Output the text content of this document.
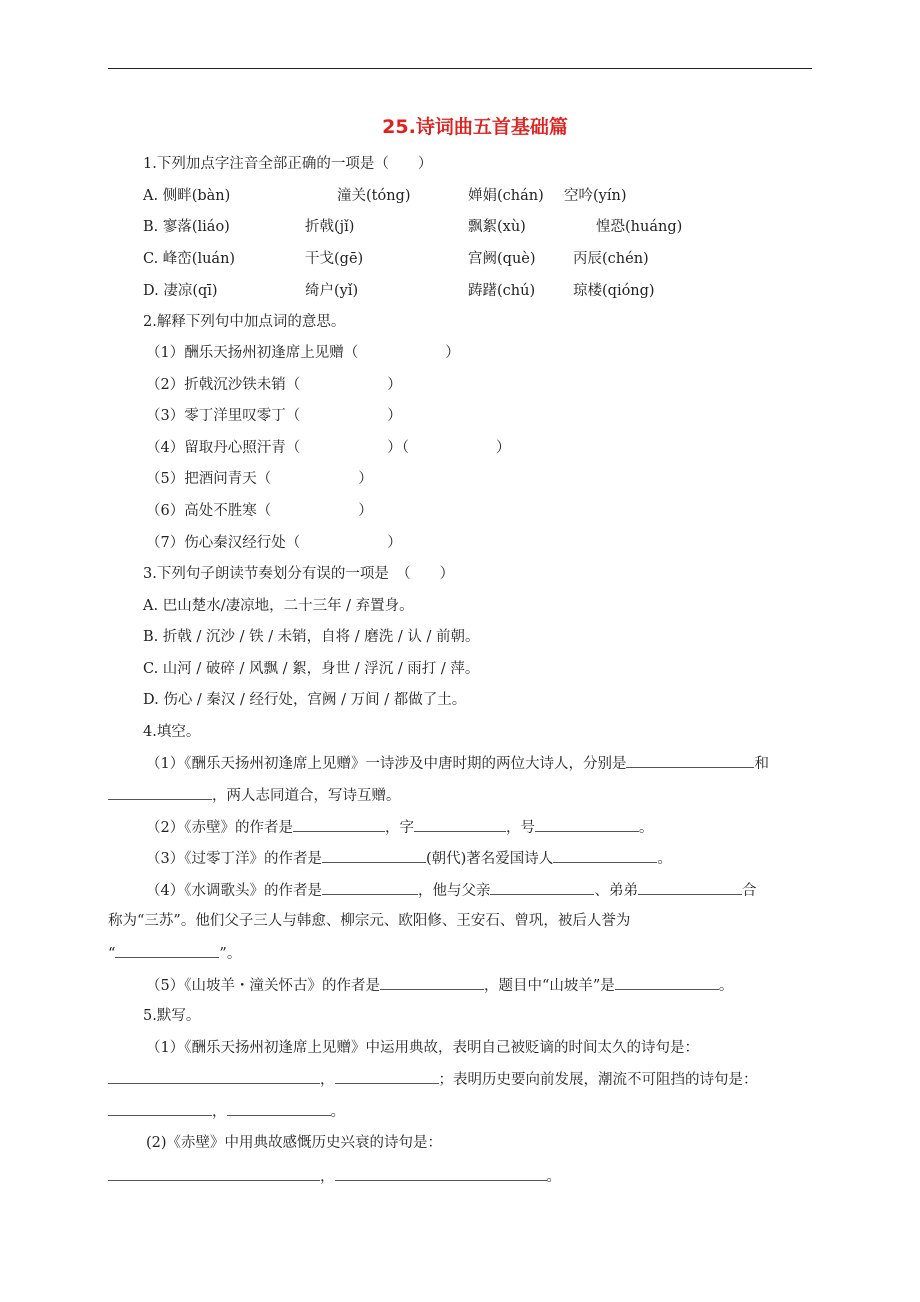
25.诗词曲五首基础篇
1.下列加点字注音全部正确的一项是（　　）
A. 侧畔(bàn)	潼关(tóng)	婵娟(chán) 空吟(yín)
B. 寥落(liáo)	折戟(jǐ)	飘絮(xù)	惶恐(huáng)
C. 峰峦(luán)	干戈(gē)	宫阙(què)	丙辰(chén)
D. 凄凉(qī)	绮户(yǐ)	踌躇(chú)	琼楼(qióng)
2.解释下列句中加点词的意思。
（1）酬乐天扬州初逢席上见赠（　　　　　　）
（2）折戟沉沙铁未销（　　　　　　）
（3）零丁洋里叹零丁（　　　　　　）
（4）留取丹心照汗青（　　　　　　）（　　　　　　）
（5）把酒问青天（　　　　　　）
（6）高处不胜寒（　　　　　　）
（7）伤心秦汉经行处（　　　　　　）
3.下列句子朗读节奏划分有误的一项是　（　　）
A. 巴山楚水/凄凉地，二十三年 / 弃置身。
B. 折戟 / 沉沙 / 铁 / 未销，自将 / 磨洗 / 认 / 前朝。
C. 山河 / 破碎 / 风飘 / 絮，身世 / 浮沉 / 雨打 / 萍。
D. 伤心 / 秦汉 / 经行处，宫阙 / 万间 / 都做了土。
4.填空。
（1）《酬乐天扬州初逢席上见赠》一诗涉及中唐时期的两位大诗人，分别是	和
，两人志同道合，写诗互赠。
（2）《赤壁》的作者是	，字	，号	。
（3）《过零丁洋》的作者是	(朝代)著名爱国诗人	。
（4）《水调歌头》的作者是	，他与父亲	、弟弟	合
称为“三苏”。他们父子三人与韩愈、柳宗元、欧阳修、王安石、曾巩，被后人誉为
“	”。
（5）《山坡羊・潼关怀古》的作者是	，题目中“山坡羊”是	。
5.默写。
（1）《酬乐天扬州初逢席上见赠》中运用典故，表明自己被贬谪的时间太久的诗句是：
，	；表明历史要向前发展，潮流不可阻挡的诗句是：
，	。
(2)《赤壁》中用典故感慨历史兴衰的诗句是：
，	。
